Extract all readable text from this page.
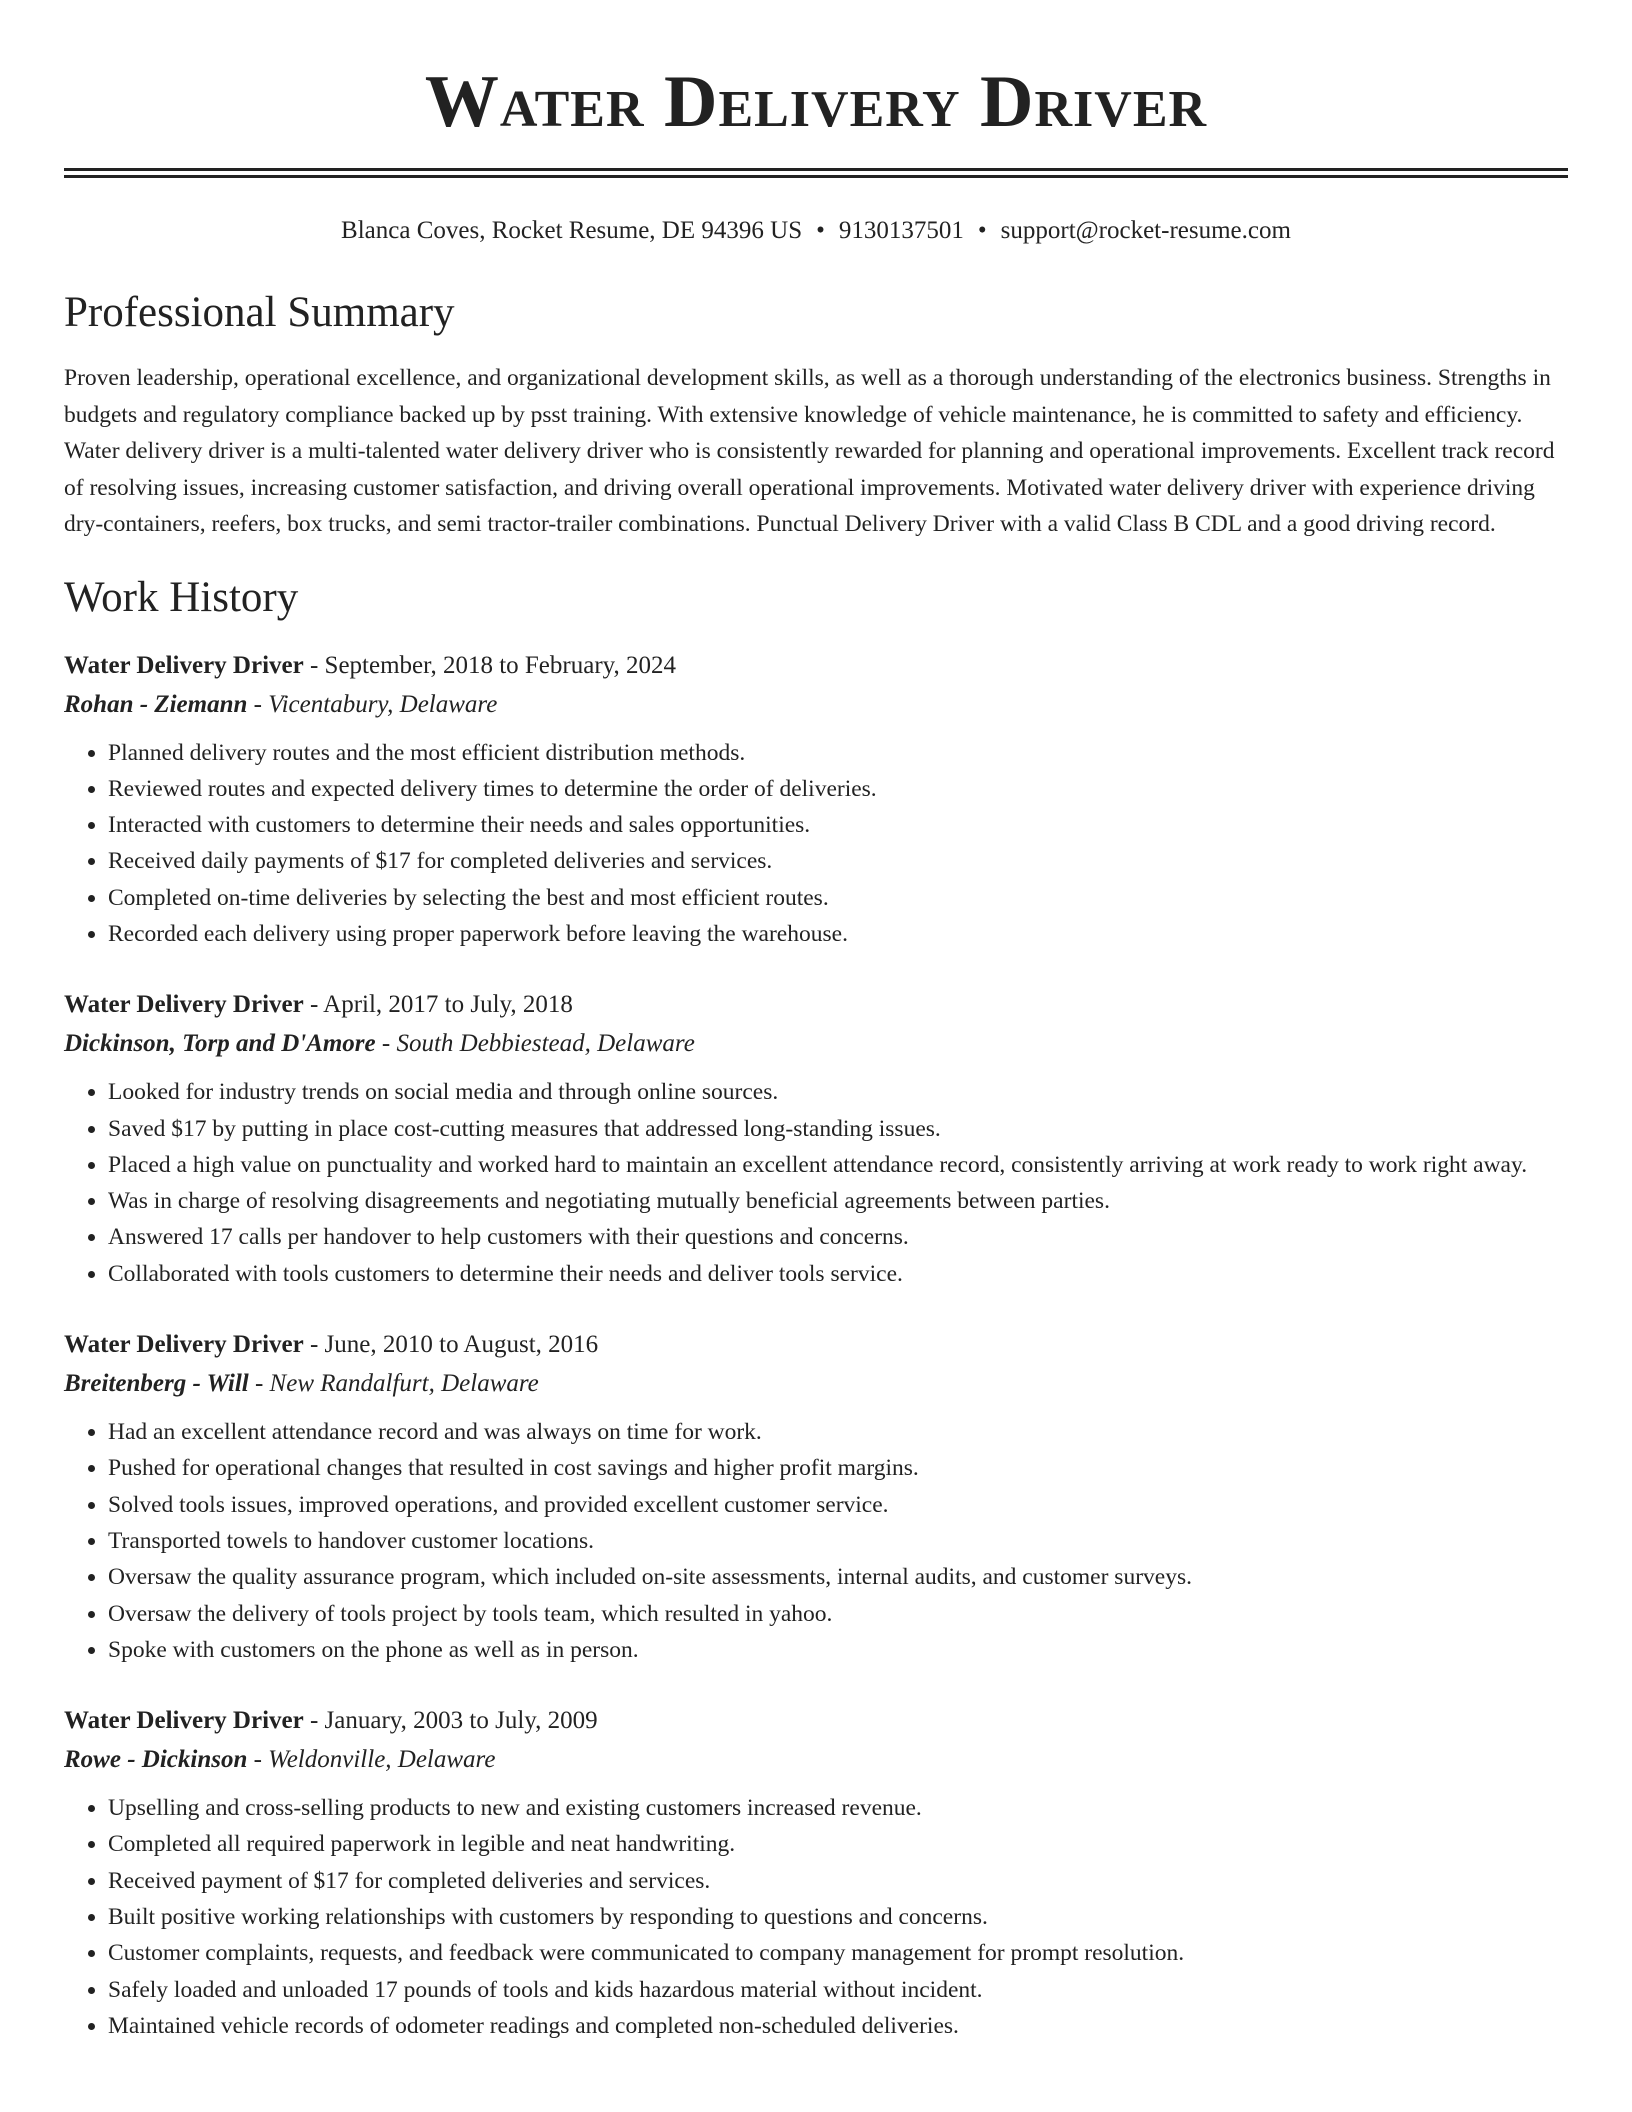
Water Delivery Driver
Blanca Coves, Rocket Resume, DE 94396 US • 9130137501 • support@rocket-resume.com
Professional Summary

Proven leadership, operational excellence, and organizational development skills, as well as a thorough understanding of the electronics business. Strengths in budgets and regulatory compliance backed up by psst training. With extensive knowledge of vehicle maintenance, he is committed to safety and efficiency. Water delivery driver is a multi-talented water delivery driver who is consistently rewarded for planning and operational improvements. Excellent track record of resolving issues, increasing customer satisfaction, and driving overall operational improvements. Motivated water delivery driver with experience driving dry-containers, reefers, box trucks, and semi tractor-trailer combinations. Punctual Delivery Driver with a valid Class B CDL and a good driving record.

Work History
Water Delivery Driver - September, 2018 to February, 2024
Rohan - Ziemann - Vicentabury, Delaware
• Planned delivery routes and the most efficient distribution methods.
• Reviewed routes and expected delivery times to determine the order of deliveries.
• Interacted with customers to determine their needs and sales opportunities.
• Received daily payments of $17 for completed deliveries and services.
• Completed on-time deliveries by selecting the best and most efficient routes.
• Recorded each delivery using proper paperwork before leaving the warehouse.
Water Delivery Driver - April, 2017 to July, 2018
Dickinson, Torp and D'Amore - South Debbiestead, Delaware
• Looked for industry trends on social media and through online sources.
• Saved $17 by putting in place cost-cutting measures that addressed long-standing issues.
• Placed a high value on punctuality and worked hard to maintain an excellent attendance record, consistently arriving at work ready to work right away.
• Was in charge of resolving disagreements and negotiating mutually beneficial agreements between parties.
• Answered 17 calls per handover to help customers with their questions and concerns.
• Collaborated with tools customers to determine their needs and deliver tools service.
Water Delivery Driver - June, 2010 to August, 2016
Breitenberg - Will - New Randalfurt, Delaware
• Had an excellent attendance record and was always on time for work.
• Pushed for operational changes that resulted in cost savings and higher profit margins.
• Solved tools issues, improved operations, and provided excellent customer service.
• Transported towels to handover customer locations.
• Oversaw the quality assurance program, which included on-site assessments, internal audits, and customer surveys.
• Oversaw the delivery of tools project by tools team, which resulted in yahoo.
• Spoke with customers on the phone as well as in person.
Water Delivery Driver - January, 2003 to July, 2009
Rowe - Dickinson - Weldonville, Delaware
• Upselling and cross-selling products to new and existing customers increased revenue.
• Completed all required paperwork in legible and neat handwriting.
• Received payment of $17 for completed deliveries and services.
• Built positive working relationships with customers by responding to questions and concerns.
• Customer complaints, requests, and feedback were communicated to company management for prompt resolution.
• Safely loaded and unloaded 17 pounds of tools and kids hazardous material without incident.
• Maintained vehicle records of odometer readings and completed non-scheduled deliveries.
